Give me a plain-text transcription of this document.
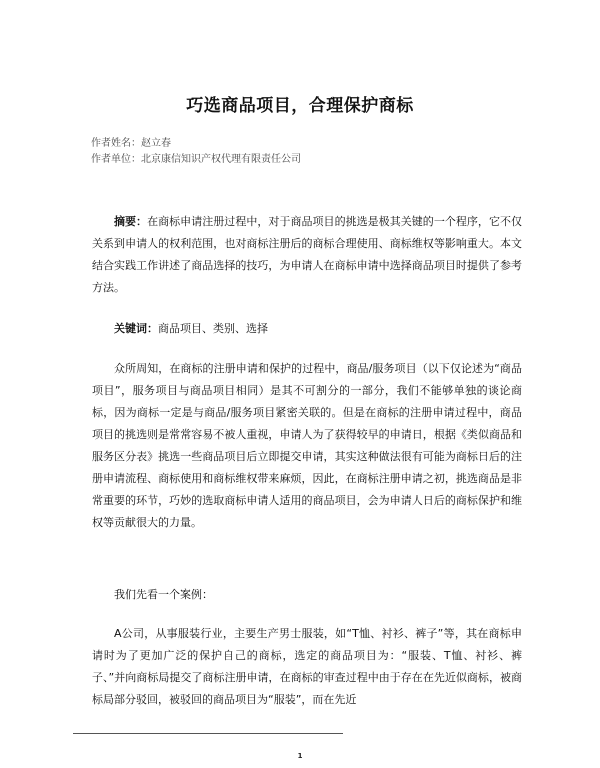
巧选商品项目，合理保护商标
作者姓名：赵立春
作者单位：北京康信知识产权代理有限责任公司
摘要：在商标申请注册过程中，对于商品项目的挑选是极其关键的一个程序，它不仅关系到申请人的权利范围，也对商标注册后的商标合理使用、商标维权等影响重大。本文结合实践工作讲述了商品选择的技巧，为申请人在商标申请中选择商品项目时提供了参考方法。
关键词：商品项目、类别、选择
众所周知，在商标的注册申请和保护的过程中，商品/服务项目（以下仅论述为“商品项目”，服务项目与商品项目相同）是其不可割分的一部分，我们不能够单独的谈论商标，因为商标一定是与商品/服务项目紧密关联的。但是在商标的注册申请过程中，商品项目的挑选则是常常容易不被人重视，申请人为了获得较早的申请日，根据《类似商品和服务区分表》挑选一些商品项目后立即提交申请，其实这种做法很有可能为商标日后的注册申请流程、商标使用和商标维权带来麻烦，因此，在商标注册申请之初，挑选商品是非常重要的环节，巧妙的选取商标申请人适用的商品项目，会为申请人日后的商标保护和维权等贡献很大的力量。
我们先看一个案例：
A公司，从事服装行业，主要生产男士服装，如“T恤、衬衫、裤子”等，其在商标申请时为了更加广泛的保护自己的商标，选定的商品项目为：“服装、T恤、衬衫、裤子、”并向商标局提交了商标注册申请，在商标的审查过程中由于存在在先近似商标，被商标局部分驳回，被驳回的商品项目为“服装”，而在先近
1
